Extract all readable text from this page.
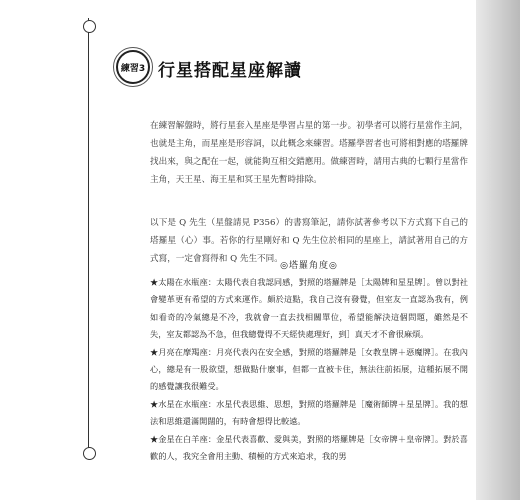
練習3 行星搭配星座解讀

在練習解盤時，將行星套入星座是學習占星的第一步。初學者可以將行星當作主詞，也就是主角，而星座是形容詞，以此概念來練習。塔羅學習者也可將相對應的塔羅牌找出來，與之配在一起，就能夠互相交錯應用。做練習時，請用古典的七顆行星當作主角，天王星、海王星和冥王星先暫時排除。

以下是 Q 先生（星盤請見 P356）的書寫筆記，請你試著參考以下方式寫下自己的塔羅星（心）事。若你的行星剛好和 Q 先生位於相同的星座上，請試著用自己的方式寫，一定會寫得和 Q 先生不同。

◎塔羅角度◎

★太陽在水瓶座：太陽代表自我認同感，對照的塔羅牌是［太陽牌和星星牌］。曾以對社會變革更有希望的方式來運作。頗於這點，我自己沒有發覺，但室友一直認為我有，例如看奇的冷氣總是不冷，我就會一直去找相關單位，希望能解決這個問題，雖然是不失，室友都認為不急，但我總覺得不天經快處理好，到］真天才不會很麻煩。

★月亮在摩羯座：月亮代表內在安全感，對照的塔羅牌是［女教皇牌＋惡魔牌］。在我內心，總是有一股欲望，想做點什麼事，但都一直被卡住，無法往前拓展，這種拓展不開的感覺讓我很難受。

★水星在水瓶座：水星代表思維、思想，對照的塔羅牌是［魔術師牌＋星星牌］。我的想法和思維還滿開闊的，有時會想得比較遠。

★金星在白羊座：金星代表喜歡、愛與美，對照的塔羅牌是［女帝牌＋皇帝牌］。對於喜歡的人，我究全會用主動、積極的方式來追求，我的男
